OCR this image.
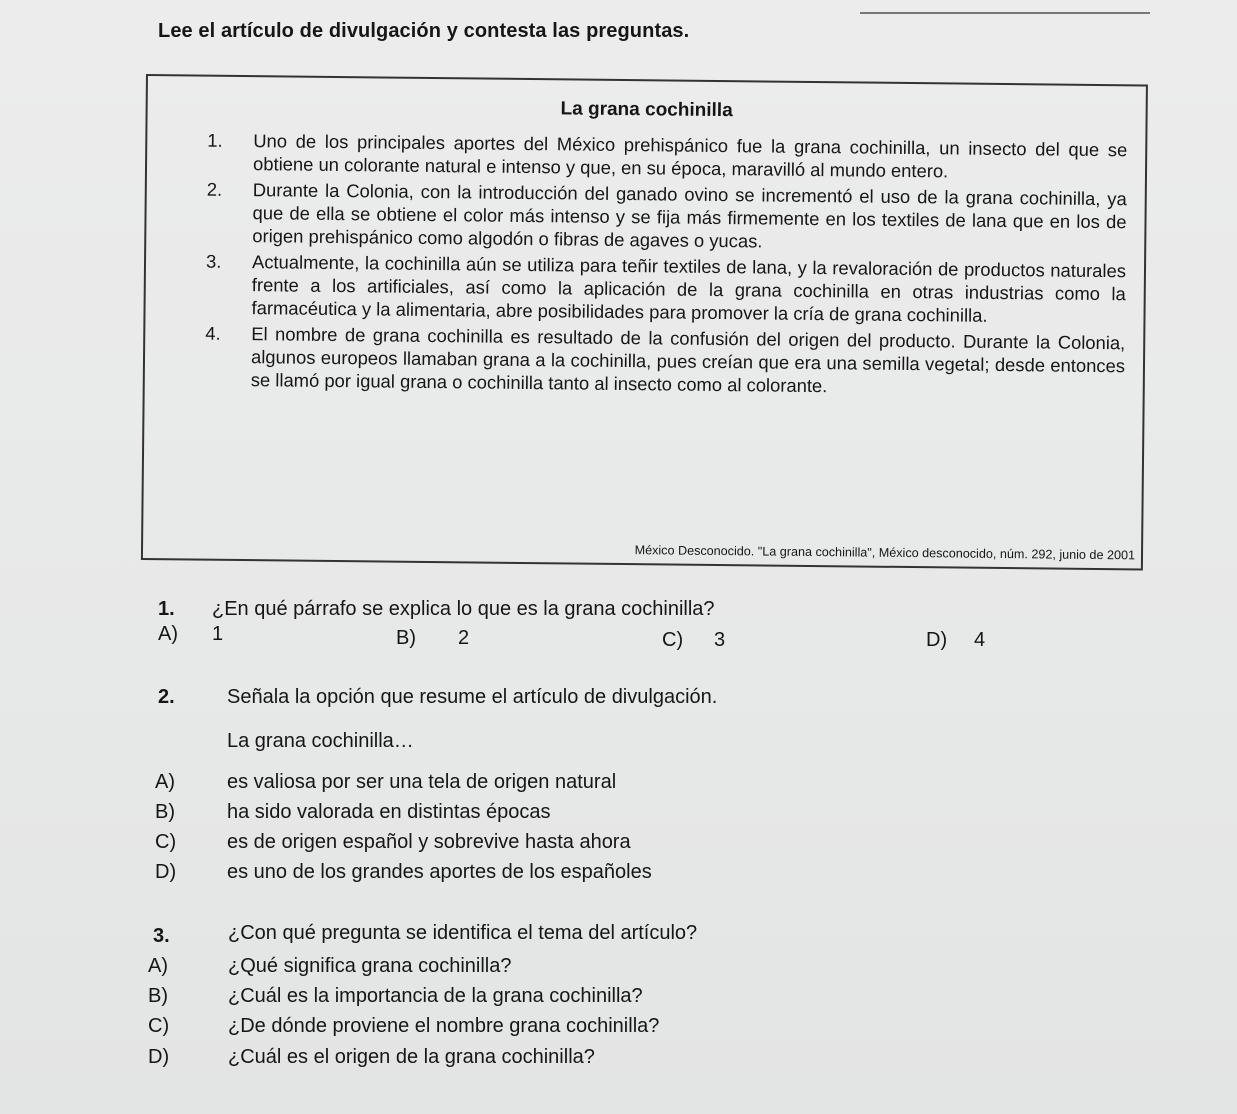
Lee el artículo de divulgación y contesta las preguntas.
La grana cochinilla
1. Uno de los principales aportes del México prehispánico fue la grana cochinilla, un insecto del que se obtiene un colorante natural e intenso y que, en su época, maravilló al mundo entero.
2. Durante la Colonia, con la introducción del ganado ovino se incrementó el uso de la grana cochinilla, ya que de ella se obtiene el color más intenso y se fija más firmemente en los textiles de lana que en los de origen prehispánico como algodón o fibras de agaves o yucas.
3. Actualmente, la cochinilla aún se utiliza para teñir textiles de lana, y la revaloración de productos naturales frente a los artificiales, así como la aplicación de la grana cochinilla en otras industrias como la farmacéutica y la alimentaria, abre posibilidades para promover la cría de grana cochinilla.
4. El nombre de grana cochinilla es resultado de la confusión del origen del producto. Durante la Colonia, algunos europeos llamaban grana a la cochinilla, pues creían que era una semilla vegetal; desde entonces se llamó por igual grana o cochinilla tanto al insecto como al colorante.
México Desconocido. "La grana cochinilla", México desconocido, núm. 292, junio de 2001
1. ¿En qué párrafo se explica lo que es la grana cochinilla?
A) 1	B) 2	C) 3	D) 4
2.	Señala la opción que resume el artículo de divulgación.
La grana cochinilla…
A)	es valiosa por ser una tela de origen natural
B)	ha sido valorada en distintas épocas
C)	es de origen español y sobrevive hasta ahora
D)	es uno de los grandes aportes de los españoles
3.	¿Con qué pregunta se identifica el tema del artículo?
A)	¿Qué significa grana cochinilla?
B)	¿Cuál es la importancia de la grana cochinilla?
C)	¿De dónde proviene el nombre grana cochinilla?
D)	¿Cuál es el origen de la grana cochinilla?
